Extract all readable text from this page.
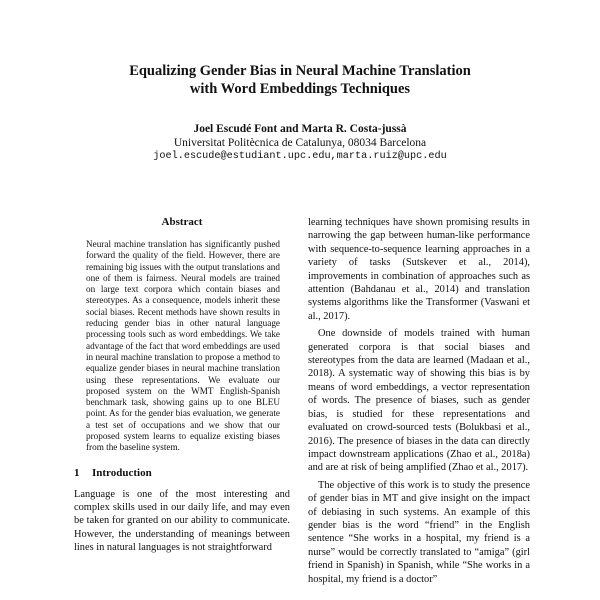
Equalizing Gender Bias in Neural Machine Translation
with Word Embeddings Techniques
Joel Escudé Font and Marta R. Costa-jussà
Universitat Politècnica de Catalunya, 08034 Barcelona
joel.escude@estudiant.upc.edu,marta.ruiz@upc.edu
Abstract

Neural machine translation has significantly pushed forward the quality of the field. However, there are remaining big issues with the output translations and one of them is fairness. Neural models are trained on large text corpora which contain biases and stereotypes. As a consequence, models inherit these social biases. Recent methods have shown results in reducing gender bias in other natural language processing tools such as word embeddings. We take advantage of the fact that word embeddings are used in neural machine translation to propose a method to equalize gender biases in neural machine translation using these representations. We evaluate our proposed system on the WMT English-Spanish benchmark task, showing gains up to one BLEU point. As for the gender bias evaluation, we generate a test set of occupations and we show that our proposed system learns to equalize existing biases from the baseline system.

1 Introduction

Language is one of the most interesting and complex skills used in our daily life, and may even be taken for granted on our ability to communicate. However, the understanding of meanings between lines in natural languages is not straightforward

learning techniques have shown promising results in narrowing the gap between human-like performance with sequence-to-sequence learning approaches in a variety of tasks (Sutskever et al., 2014), improvements in combination of approaches such as attention (Bahdanau et al., 2014) and translation systems algorithms like the Transformer (Vaswani et al., 2017).

One downside of models trained with human generated corpora is that social biases and stereotypes from the data are learned (Madaan et al., 2018). A systematic way of showing this bias is by means of word embeddings, a vector representation of words. The presence of biases, such as gender bias, is studied for these representations and evaluated on crowd-sourced tests (Bolukbasi et al., 2016). The presence of biases in the data can directly impact downstream applications (Zhao et al., 2018a) and are at risk of being amplified (Zhao et al., 2017).

The objective of this work is to study the presence of gender bias in MT and give insight on the impact of debiasing in such systems. An example of this gender bias is the word “friend” in the English sentence “She works in a hospital, my friend is a nurse” would be correctly translated to “amiga” (girl friend in Spanish) in Spanish, while “She works in a hospital, my friend is a doctor”
